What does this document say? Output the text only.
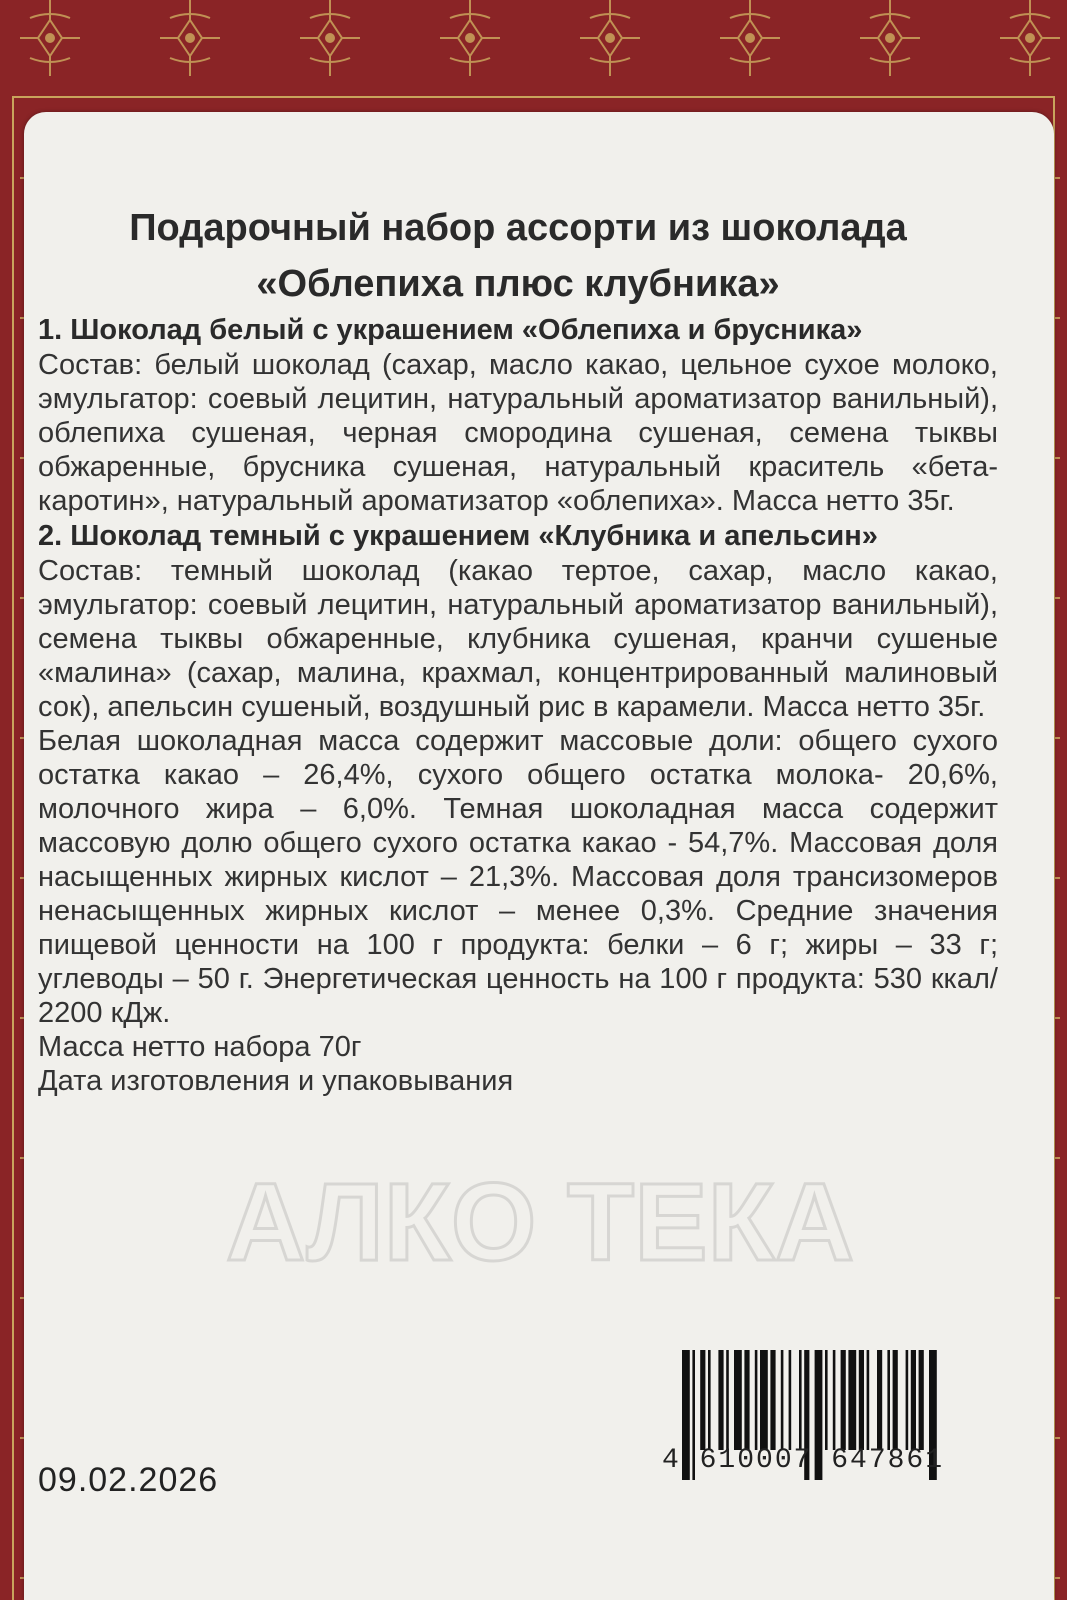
АЛКО ТЕКА
Подарочный набор ассорти из шоколада «Облепиха плюс клубника»

1. Шоколад белый с украшением «Облепиха и брусника»

Состав: белый шоколад (сахар, масло какао, цельное сухое молоко, эмульгатор: соевый лецитин, натуральный ароматизатор ванильный), облепиха сушеная, черная смородина сушеная, семена тыквы обжаренные, брусника сушеная, натуральный краситель «бета-каротин», натуральный ароматизатор «облепиха». Масса нетто 35г.

2. Шоколад темный с украшением «Клубника и апельсин»

Состав: темный шоколад (какао тертое, сахар, масло какао, эмульгатор: соевый лецитин, натуральный ароматизатор ванильный), семена тыквы обжаренные, клубника сушеная, кранчи сушеные «малина» (сахар, малина, крахмал, концентрированный малиновый сок), апельсин сушеный, воздушный рис в карамели. Масса нетто 35г.

Белая шоколадная масса содержит массовые доли: общего сухого остатка какао – 26,4%, сухого общего остатка молока- 20,6%, молочного жира – 6,0%. Темная шоколадная масса содержит массовую долю общего сухого остатка какао - 54,7%. Массовая доля насыщенных жирных кислот – 21,3%. Массовая доля трансизомеров ненасыщенных жирных кислот – менее 0,3%. Средние значения пищевой ценности на 100 г продукта: белки – 6 г; жиры – 33 г; углеводы – 50 г. Энергетическая ценность на 100 г продукта: 530 ккал/ 2200 кДж.

Масса нетто набора 70г

Дата изготовления и упаковывания

09.02.2026
4 610007 647861
